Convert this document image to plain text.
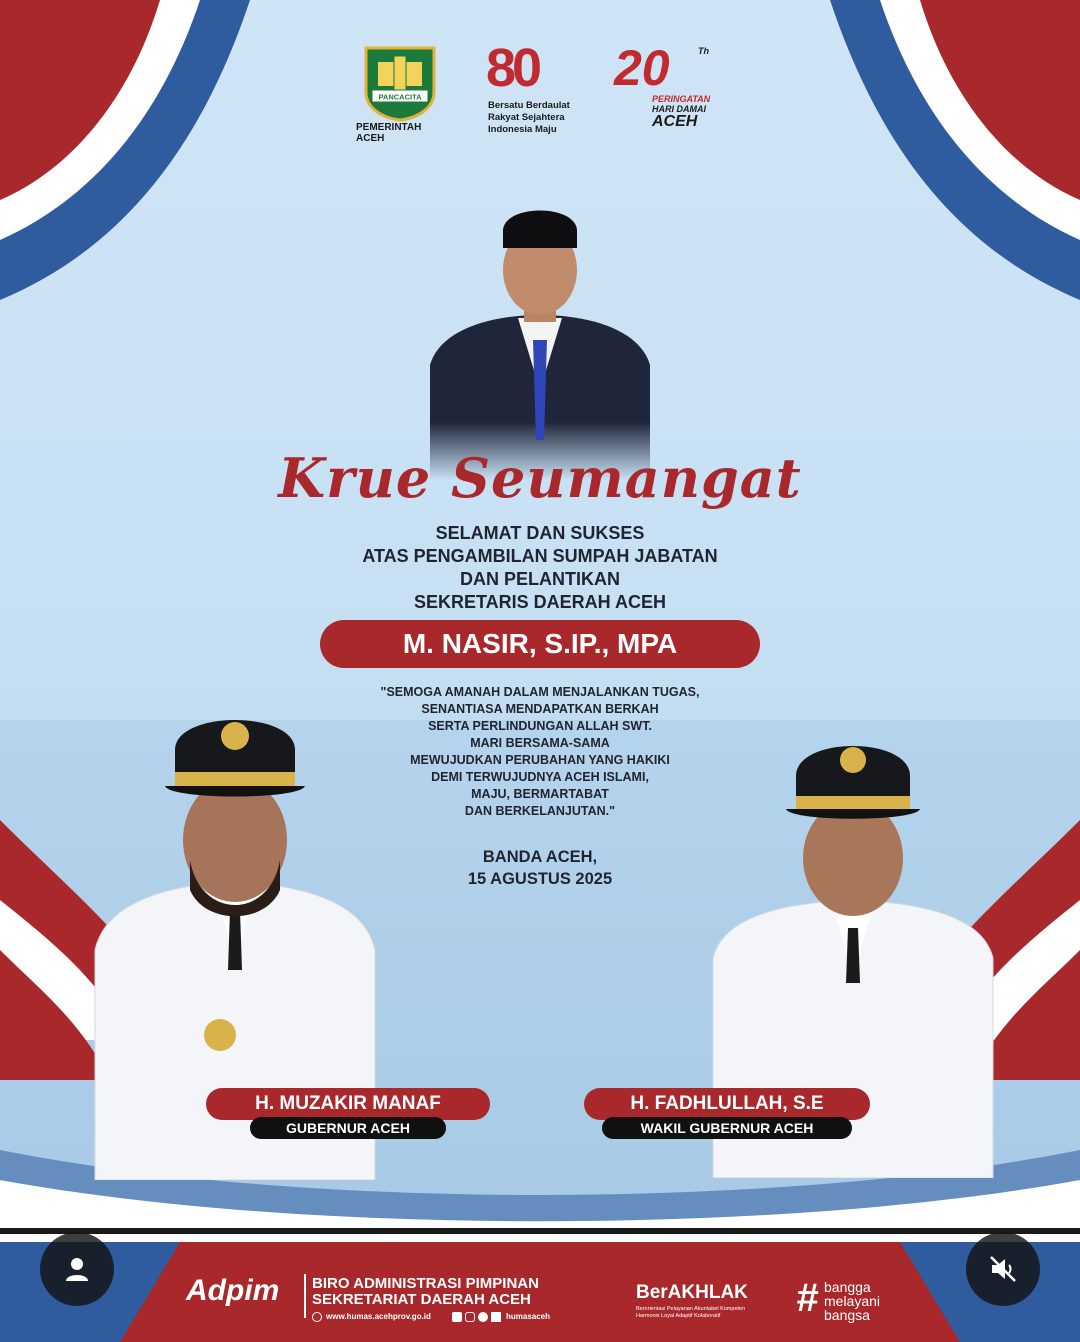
PANCACITA
PEMERINTAH ACEH
80
Bersatu Berdaulat
Rakyat Sejahtera
Indonesia Maju
20	Th
PERINGATAN
HARI DAMAI
ACEH
Krue Seumangat
SELAMAT DAN SUKSES
ATAS PENGAMBILAN SUMPAH JABATAN
DAN PELANTIKAN
SEKRETARIS DAERAH ACEH
M. NASIR, S.IP., MPA
"SEMOGA AMANAH DALAM MENJALANKAN TUGAS,
SENANTIASA MENDAPATKAN BERKAH
SERTA PERLINDUNGAN ALLAH SWT.
MARI BERSAMA-SAMA
MEWUJUDKAN PERUBAHAN YANG HAKIKI
DEMI TERWUJUDNYA ACEH ISLAMI,
MAJU, BERMARTABAT
DAN BERKELANJUTAN."
BANDA ACEH,
15 AGUSTUS 2025
H. MUZAKIR MANAF
GUBERNUR ACEH
H. FADHLULLAH, S.E
WAKIL GUBERNUR ACEH
Adpim BIRO ADMINISTRASI PIMPINAN
SEKRETARIAT DAERAH ACEH
www.humas.acehprov.go.id	humasaceh
BerAKHLAK
Berorientasi Pelayanan Akuntabel Kompeten
Harmonis Loyal Adaptif Kolaboratif # bangga
melayani
bangsa
